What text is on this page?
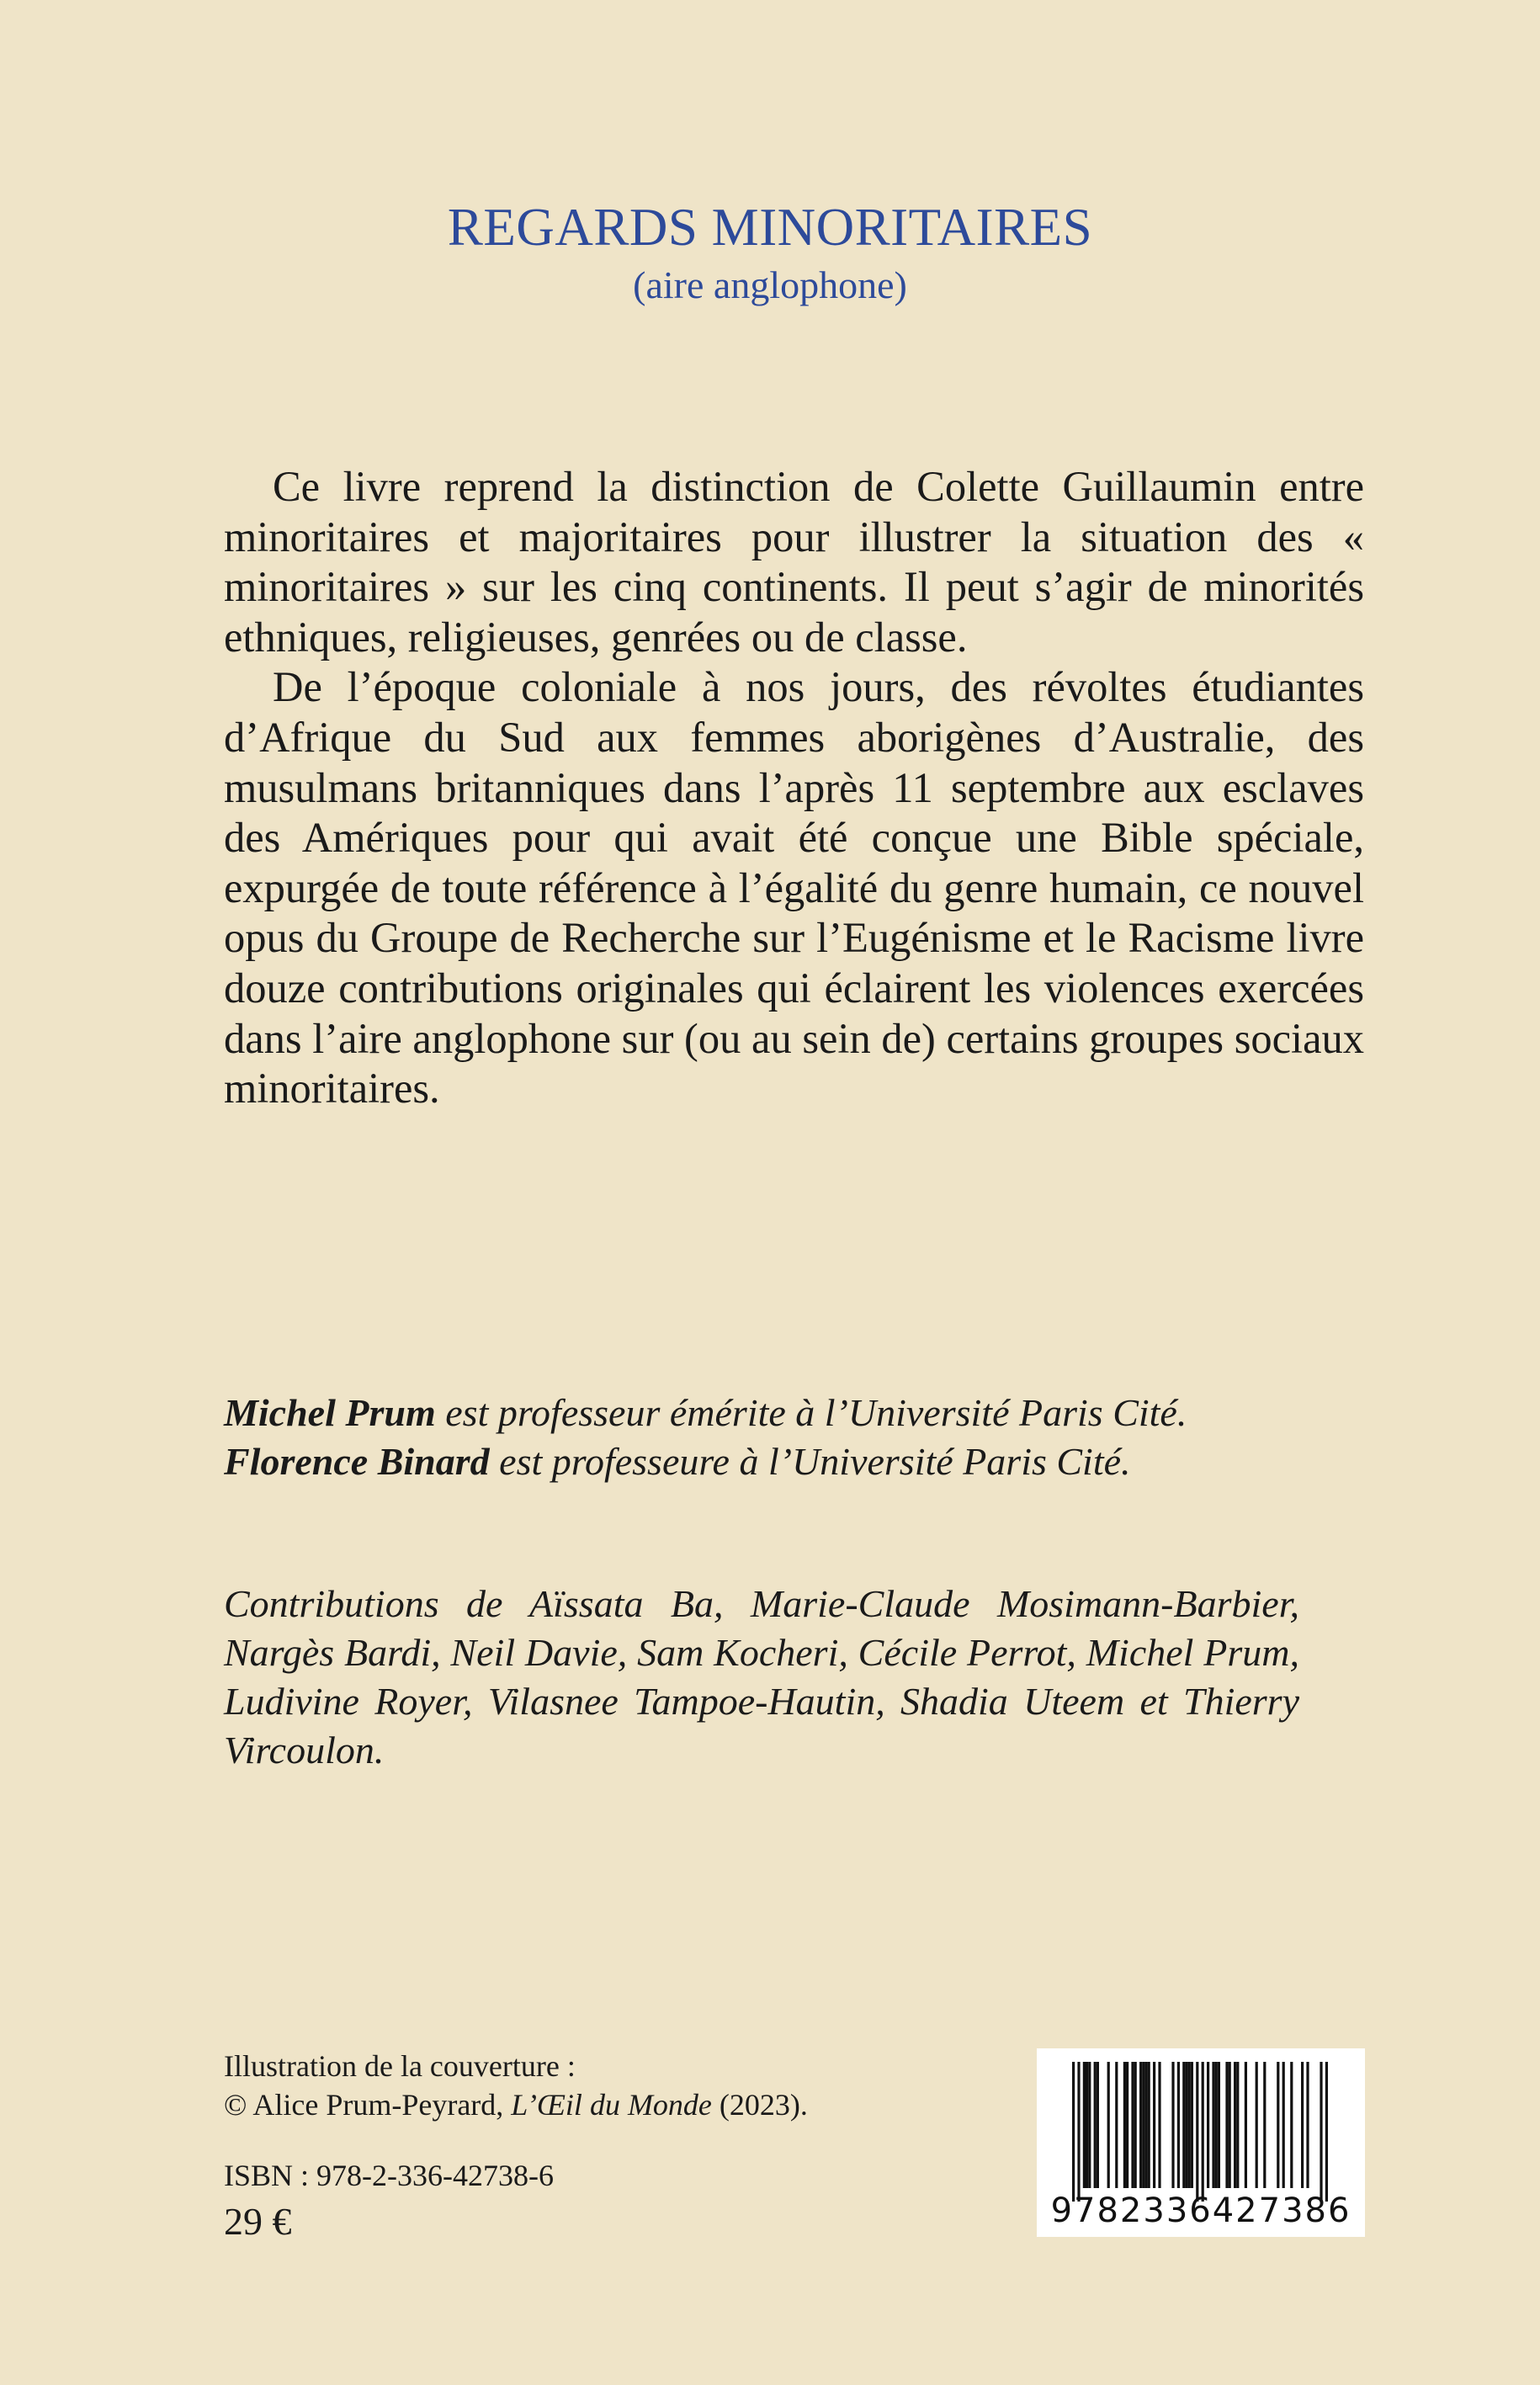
REGARDS MINORITAIRES
(aire anglophone)

Ce livre reprend la distinction de Colette Guillaumin entre minoritaires et majoritaires pour illustrer la situation des « minoritaires » sur les cinq continents. Il peut s’agir de minorités ethniques, religieuses, genrées ou de classe.

De l’époque coloniale à nos jours, des révoltes étudiantes d’Afrique du Sud aux femmes aborigènes d’Australie, des musulmans britanniques dans l’après 11 septembre aux esclaves des Amériques pour qui avait été conçue une Bible spéciale, expurgée de toute référence à l’égalité du genre humain, ce nouvel opus du Groupe de Recherche sur l’Eugénisme et le Racisme livre douze contributions originales qui éclairent les violences exercées dans l’aire anglophone sur (ou au sein de) certains groupes sociaux minoritaires.

Michel Prum est professeur émérite à l’Université Paris Cité.
Florence Binard est professeure à l’Université Paris Cité.
Contributions de Aïssata Ba, Marie-Claude Mosimann-Barbier, Nargès Bardi, Neil Davie, Sam Kocheri, Cécile Perrot, Michel Prum, Ludivine Royer, Vilasnee Tampoe-Hautin, Shadia Uteem et Thierry Vircoulon.
Illustration de la couverture :
© Alice Prum-Peyrard, L’Œil du Monde (2023).
ISBN : 978-2-336-42738-6
29 €	9782336427386
